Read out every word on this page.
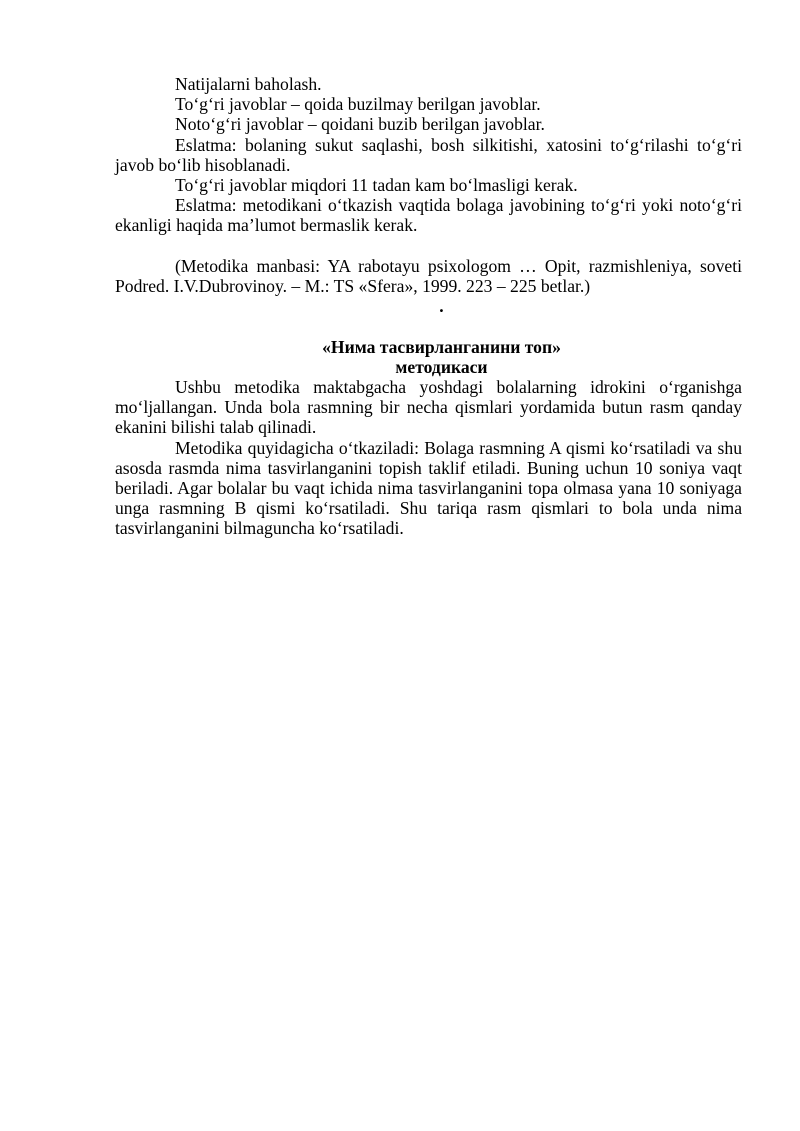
Natijalarni baholash.

To‘g‘ri javoblar – qoida buzilmay berilgan javoblar.

Noto‘g‘ri javoblar – qoidani buzib berilgan javoblar.

Eslatma: bolaning sukut saqlashi, bosh silkitishi, xatosini to‘g‘rilashi to‘g‘ri javob bo‘lib hisoblanadi.

To‘g‘ri javoblar miqdori 11 tadan kam bo‘lmasligi kerak.

Eslatma: metodikani o‘tkazish vaqtida bolaga javobining to‘g‘ri yoki noto‘g‘ri ekanligi haqida ma’lumot bermaslik kerak.

(Metodika manbasi: YA rabotayu psixologom … Opit, razmishleniya, soveti Podred. I.V.Dubrovinoy. – M.: TS «Sfera», 1999. 223 – 225 betlar.)

.

«Нима тасвирланганини топ»

методикаси

Ushbu metodika maktabgacha yoshdagi bolalarning idrokini o‘rganishga mo‘ljallangan. Unda bola rasmning bir necha qismlari yordamida butun rasm qanday ekanini bilishi talab qilinadi.

Metodika quyidagicha o‘tkaziladi: Bolaga rasmning A qismi ko‘rsatiladi va shu asosda rasmda nima tasvirlanganini topish taklif etiladi. Buning uchun 10 soniya vaqt beriladi. Agar bolalar bu vaqt ichida nima tasvirlanganini topa olmasa yana 10 soniyaga unga rasmning B qismi ko‘rsatiladi. Shu tariqa rasm qismlari to bola unda nima tasvirlanganini bilmaguncha ko‘rsatiladi.
